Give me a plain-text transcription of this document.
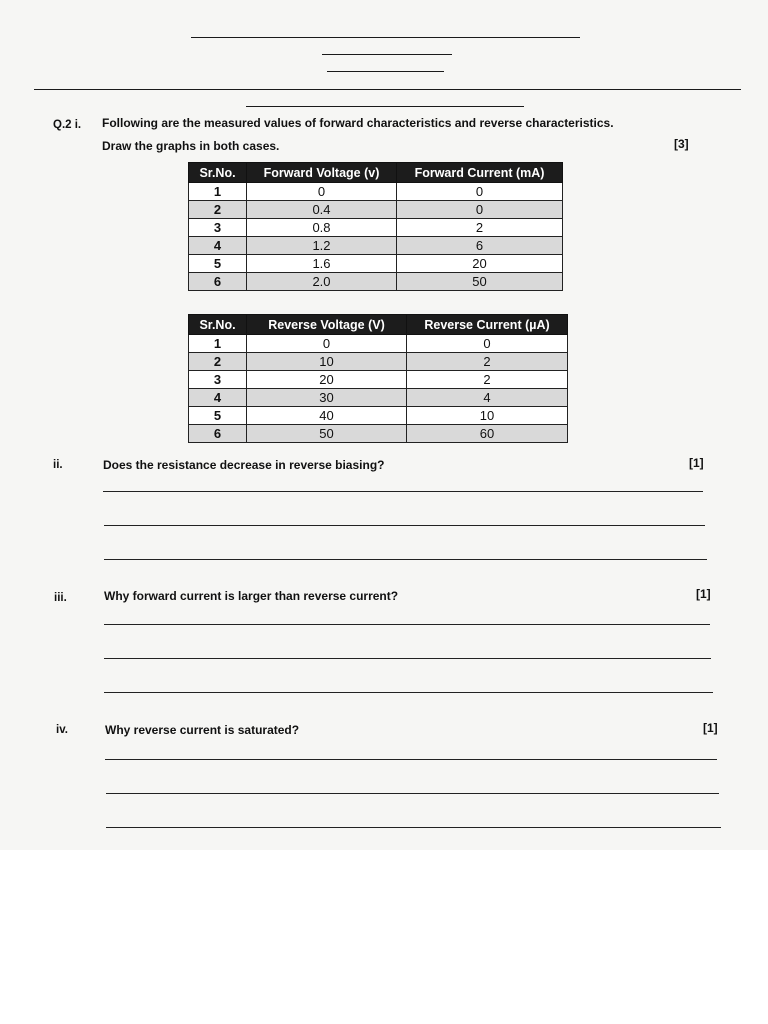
Q.2 i. Following are the measured values of forward characteristics and reverse characteristics.
Draw the graphs in both cases.	[3]
Sr.No.	Forward Voltage (v)	Forward Current (mA)
1	0	0
2	0.4	0
3	0.8	2
4	1.2	6
5	1.6	20
6	2.0	50
Sr.No.	Reverse Voltage (V)	Reverse Current (µA)
1	0	0
2	10	2
3	20	2
4	30	4
5	40	10
6	50	60
ii.	Does the resistance decrease in reverse biasing?	[1]
iii.	Why forward current is larger than reverse current?	[1]
iv.	Why reverse current is saturated?	[1]
